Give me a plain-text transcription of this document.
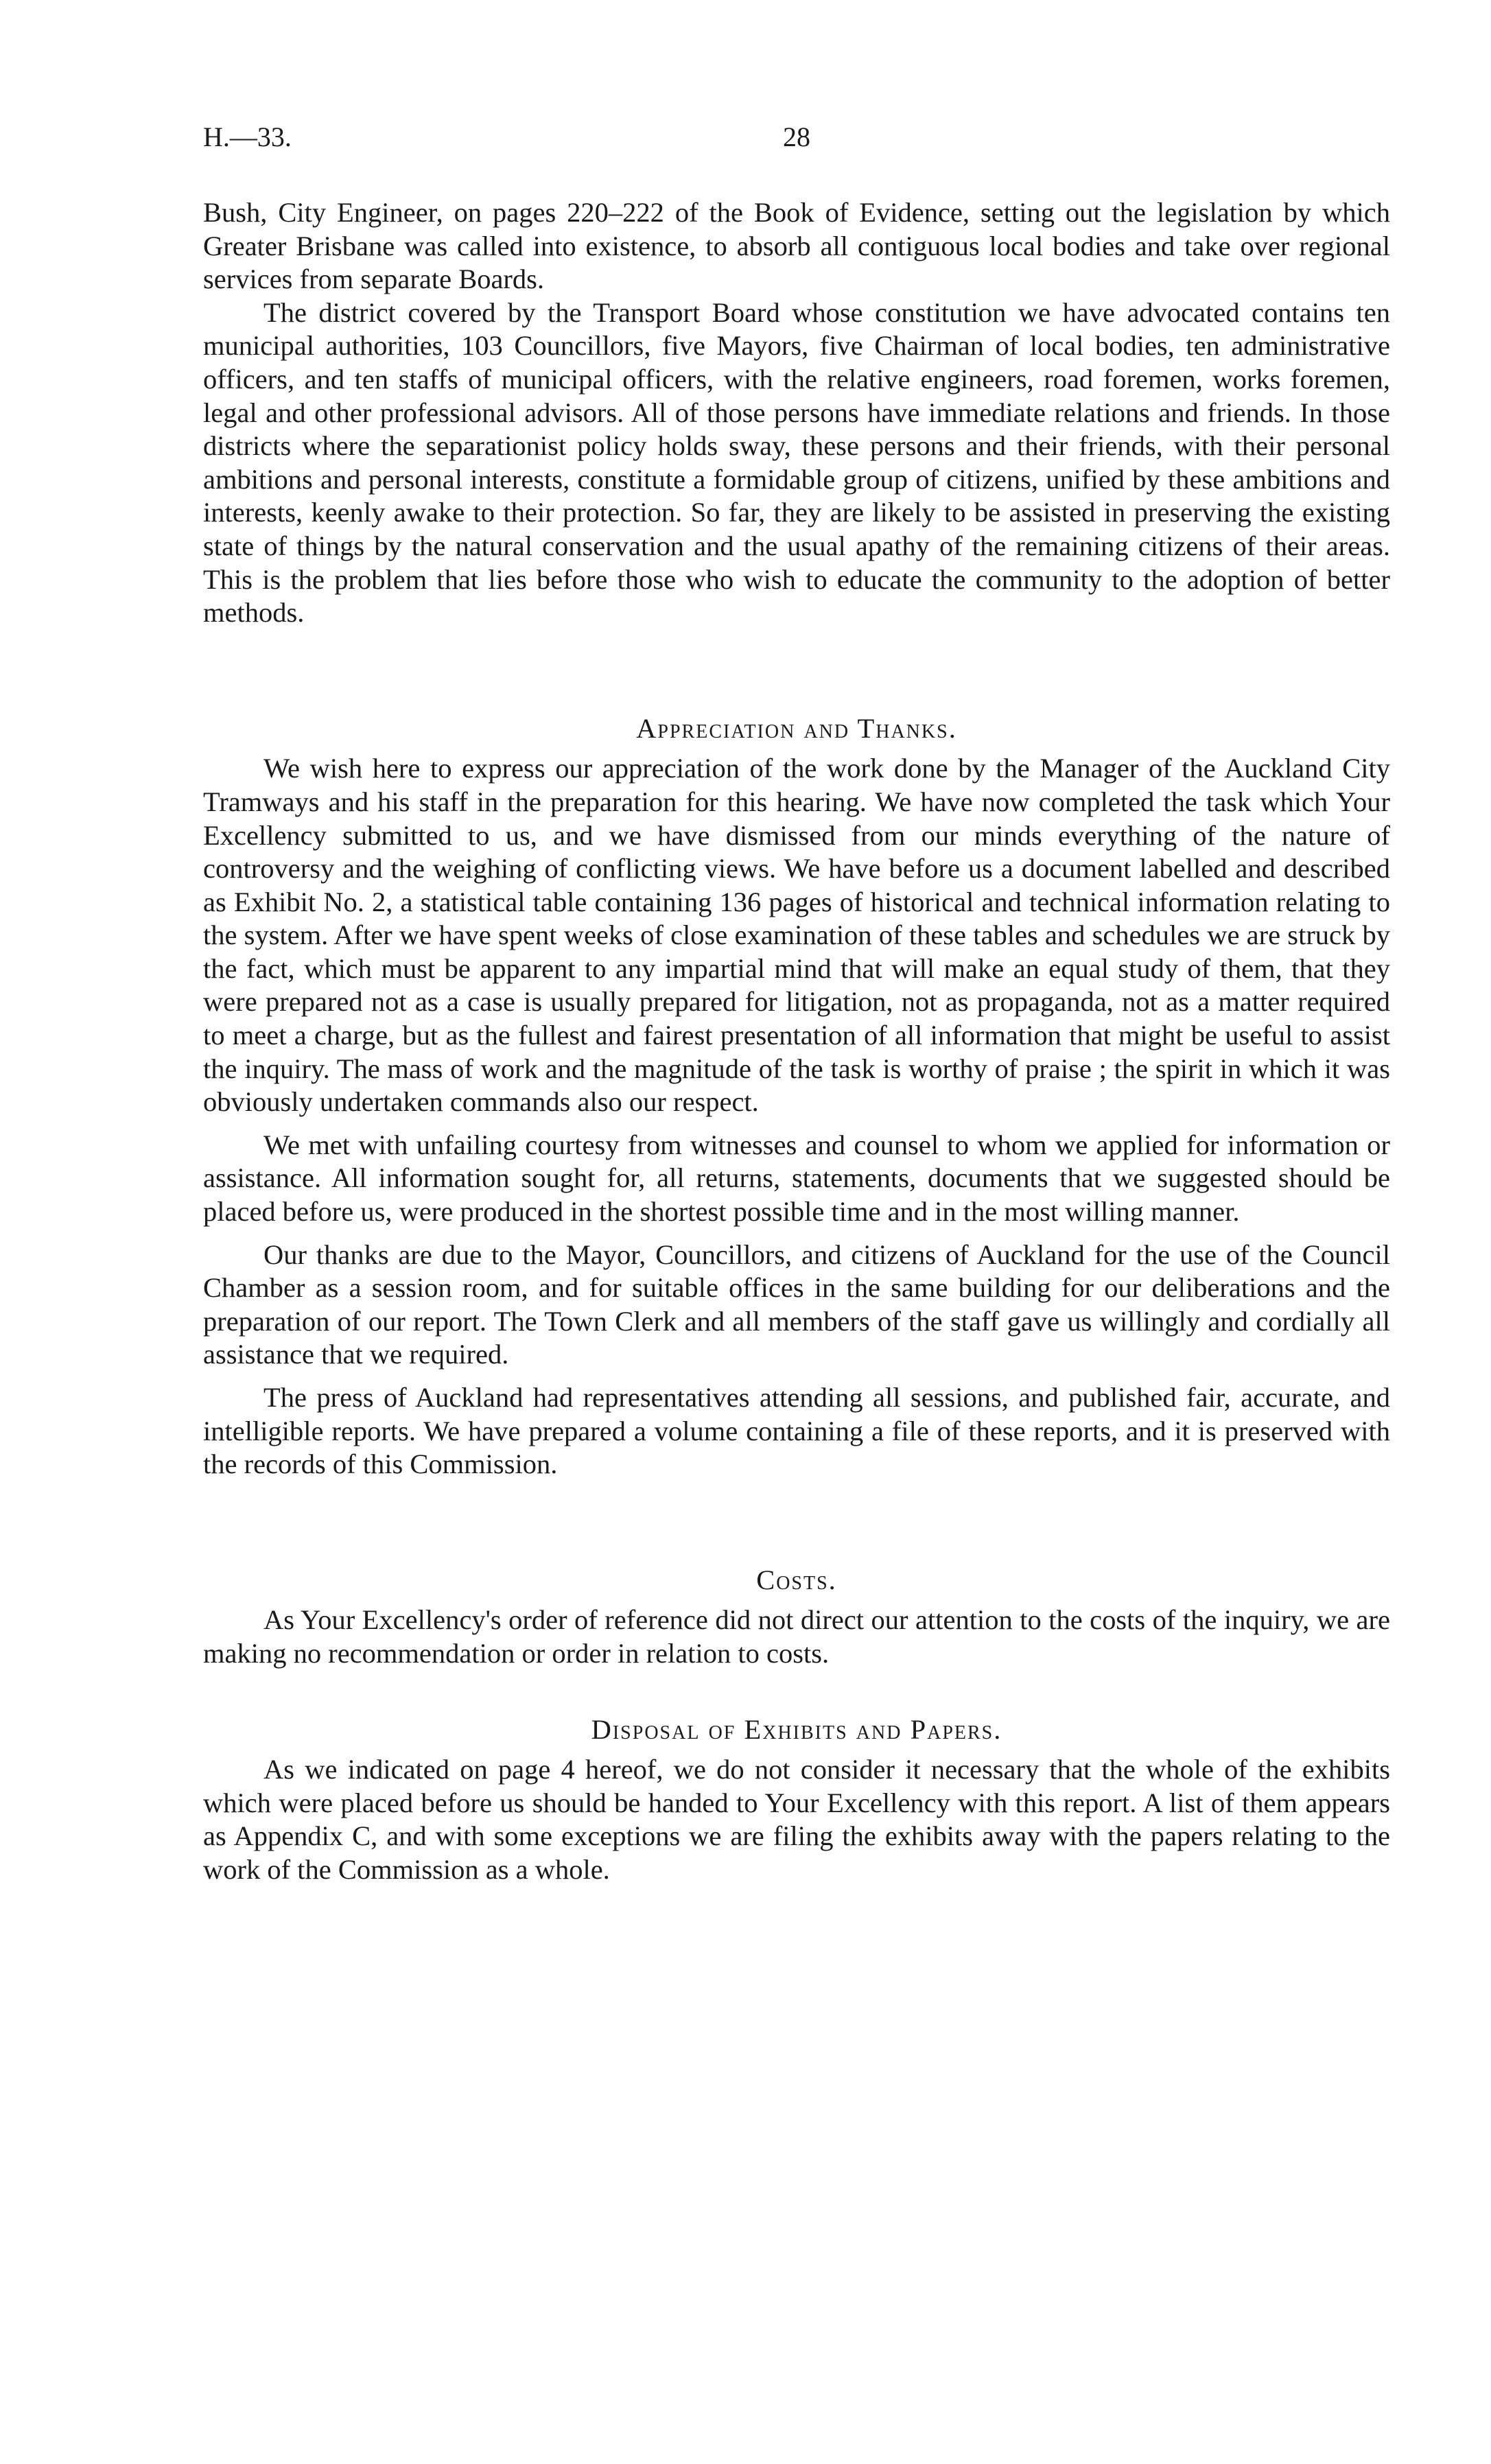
H.—33.	28

Bush, City Engineer, on pages 220–222 of the Book of Evidence, setting out the legislation by which Greater Brisbane was called into existence, to absorb all contiguous local bodies and take over regional services from separate Boards.

The district covered by the Transport Board whose constitution we have advocated contains ten municipal authorities, 103 Councillors, five Mayors, five Chairman of local bodies, ten administrative officers, and ten staffs of municipal officers, with the relative engineers, road foremen, works foremen, legal and other professional advisors. All of those persons have immediate relations and friends. In those districts where the separationist policy holds sway, these persons and their friends, with their personal ambitions and personal interests, constitute a formidable group of citizens, unified by these ambitions and interests, keenly awake to their protection. So far, they are likely to be assisted in preserving the existing state of things by the natural conservation and the usual apathy of the remaining citizens of their areas. This is the problem that lies before those who wish to educate the community to the adoption of better methods.

Appreciation and Thanks.

We wish here to express our appreciation of the work done by the Manager of the Auckland City Tramways and his staff in the preparation for this hearing. We have now completed the task which Your Excellency submitted to us, and we have dismissed from our minds everything of the nature of controversy and the weighing of conflicting views. We have before us a document labelled and described as Exhibit No. 2, a statistical table containing 136 pages of historical and technical information relating to the system. After we have spent weeks of close examination of these tables and schedules we are struck by the fact, which must be apparent to any impartial mind that will make an equal study of them, that they were prepared not as a case is usually prepared for litigation, not as propaganda, not as a matter required to meet a charge, but as the fullest and fairest presentation of all information that might be useful to assist the inquiry. The mass of work and the magnitude of the task is worthy of praise ; the spirit in which it was obviously undertaken commands also our respect.

We met with unfailing courtesy from witnesses and counsel to whom we applied for information or assistance. All information sought for, all returns, statements, documents that we suggested should be placed before us, were produced in the shortest possible time and in the most willing manner.

Our thanks are due to the Mayor, Councillors, and citizens of Auckland for the use of the Council Chamber as a session room, and for suitable offices in the same building for our deliberations and the preparation of our report. The Town Clerk and all members of the staff gave us willingly and cordially all assistance that we required.

The press of Auckland had representatives attending all sessions, and published fair, accurate, and intelligible reports. We have prepared a volume containing a file of these reports, and it is preserved with the records of this Commission.

Costs.

As Your Excellency's order of reference did not direct our attention to the costs of the inquiry, we are making no recommendation or order in relation to costs.

Disposal of Exhibits and Papers.

As we indicated on page 4 hereof, we do not consider it necessary that the whole of the exhibits which were placed before us should be handed to Your Excellency with this report. A list of them appears as Appendix C, and with some exceptions we are filing the exhibits away with the papers relating to the work of the Commission as a whole.
